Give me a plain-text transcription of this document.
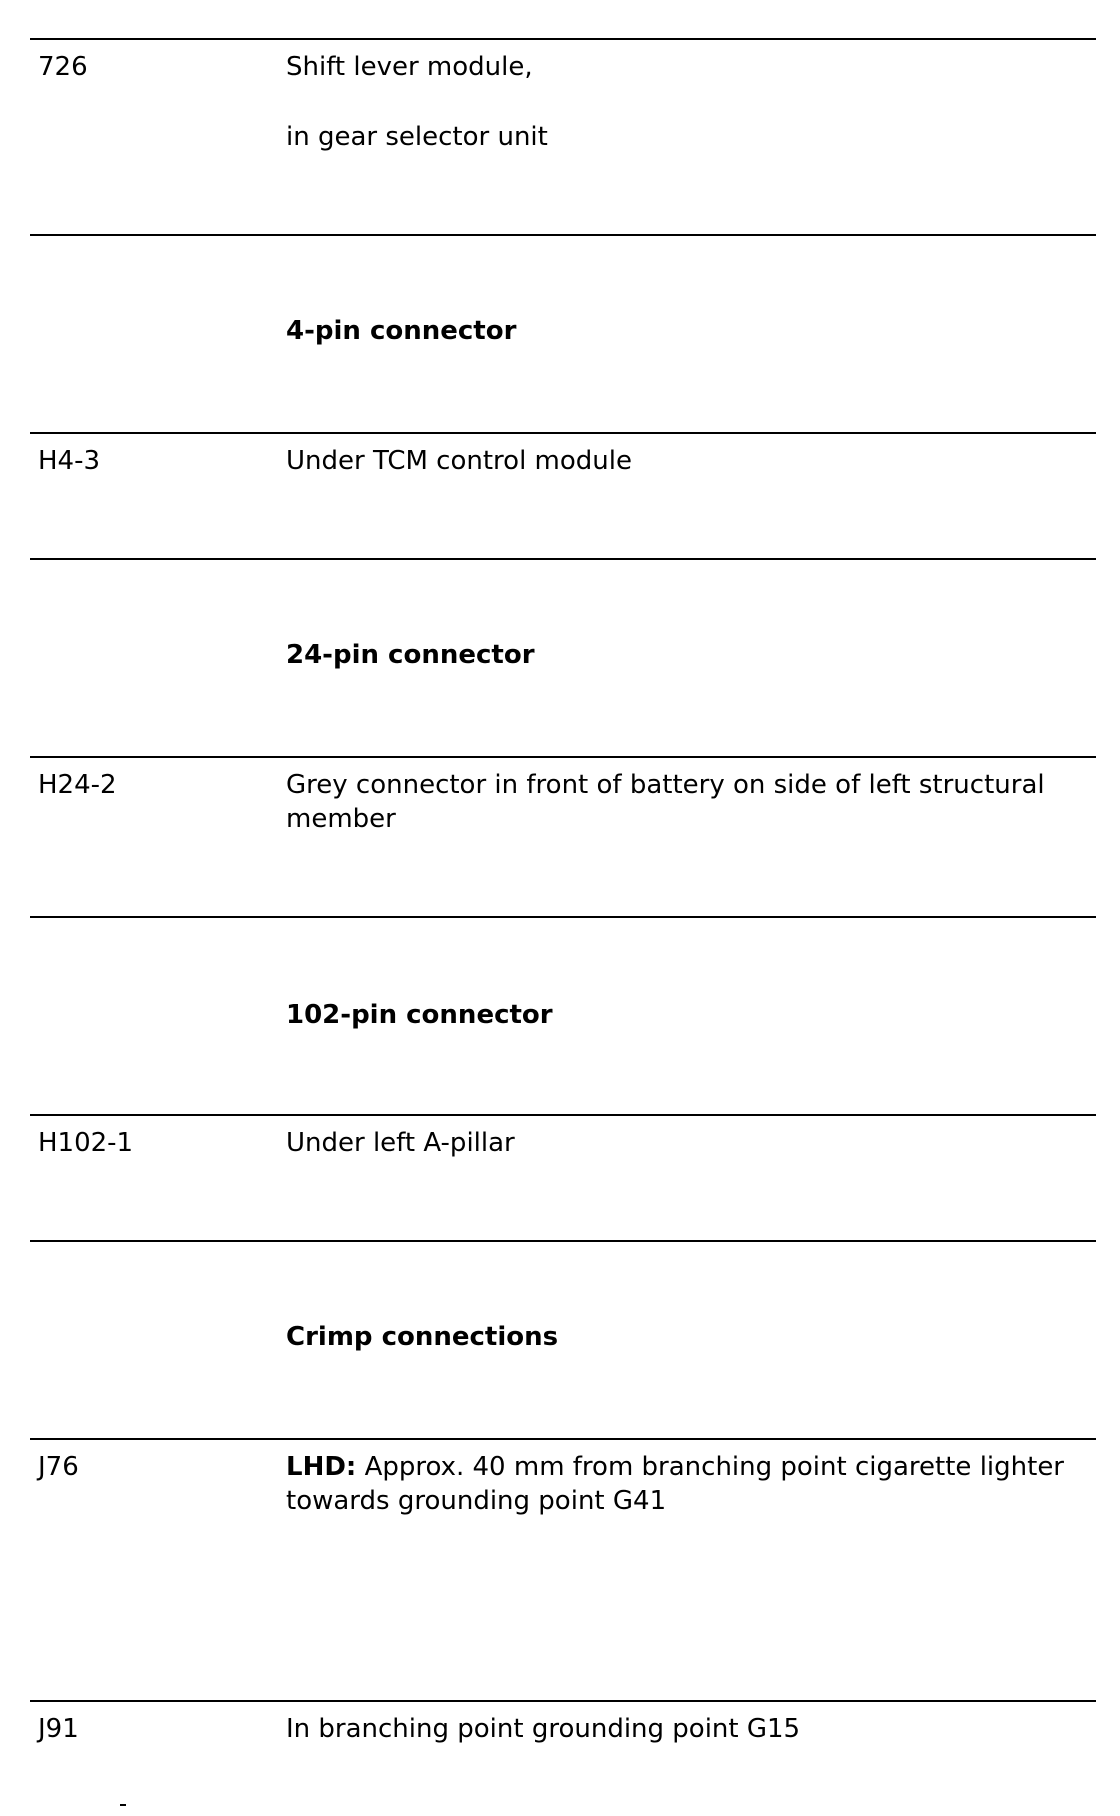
726	Shift lever module,

in gear selector unit

4-pin connector
H4-3	Under TCM control module
24-pin connector
H24-2	Grey connector in front of battery on side of left structural member
102-pin connector
H102-1	Under left A-pillar
Crimp connections
J76	LHD: Approx. 40 mm from branching point cigarette lighter towards grounding point G41
J91	In branching point grounding point G15
